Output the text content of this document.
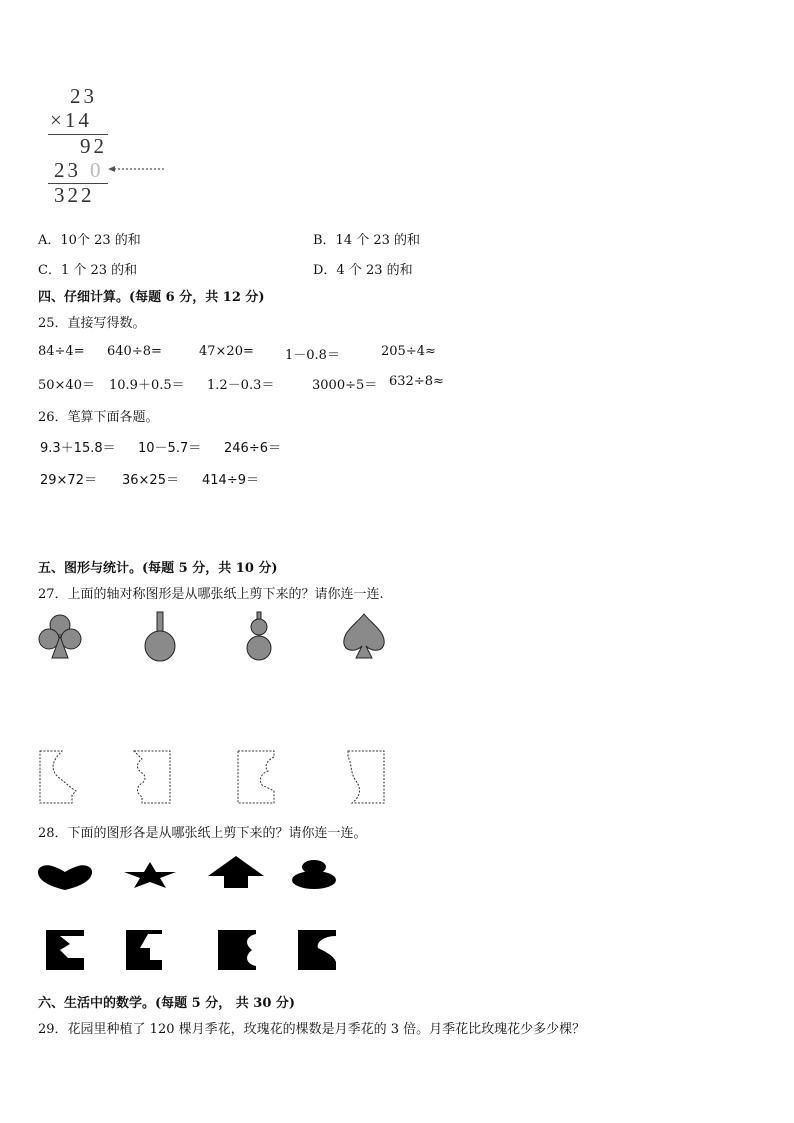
23
×14
92
23 0
322
A．10个 23 的和	B．14 个 23 的和
C．1 个 23 的和	D．4 个 23 的和
四、仔细计算。(每题 6 分，共 12 分)
25．直接写得数。
84÷4= 640÷8=	47×20= 1－0.8＝	205÷4≈
50×40＝ 10.9＋0.5＝ 1.2－0.3＝	3000÷5＝ 632÷8≈
26．笔算下面各题。
9.3＋15.8＝ 10－5.7＝ 246÷6＝
29×72＝ 36×25＝ 414÷9＝
五、图形与统计。(每题 5 分，共 10 分)
27．上面的轴对称图形是从哪张纸上剪下来的？请你连一连.
28．下面的图形各是从哪张纸上剪下来的？请你连一连。
六、生活中的数学。(每题 5 分， 共 30 分)
29．花园里种植了 120 棵月季花，玫瑰花的棵数是月季花的 3 倍。月季花比玫瑰花少多少棵？
